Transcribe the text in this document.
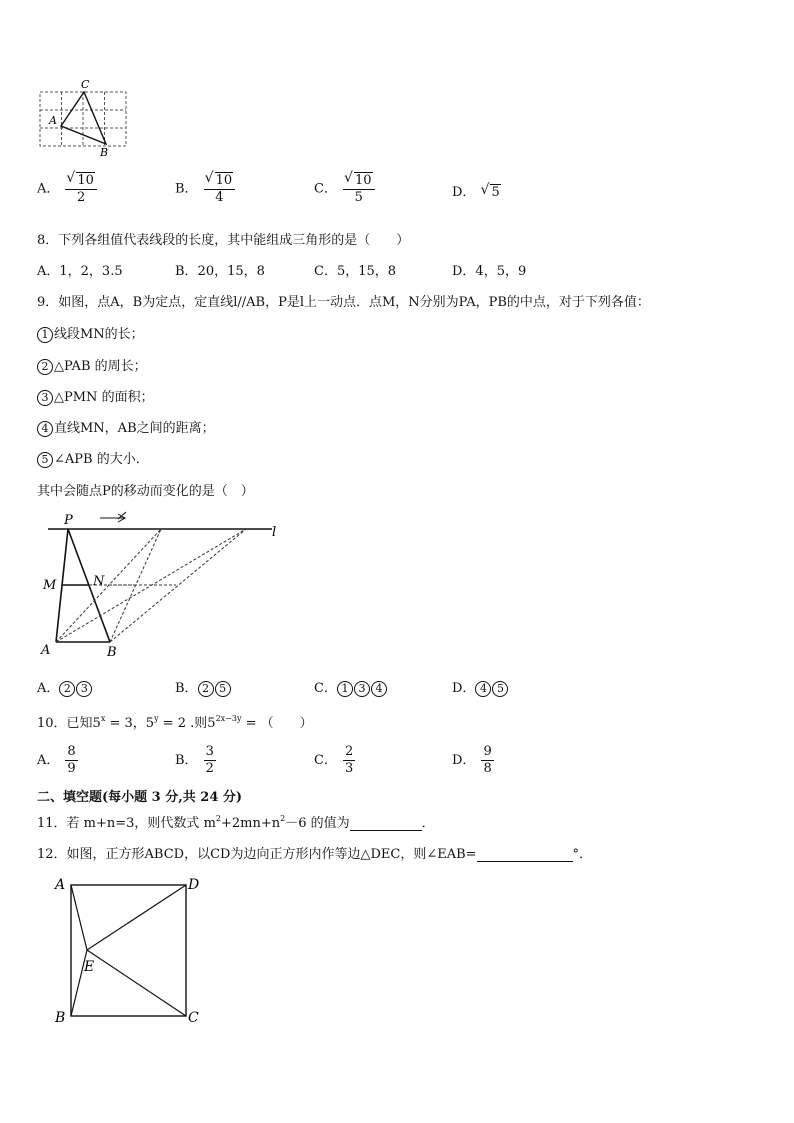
C
A
B
A． √ $\frac{10}{2}$	B． √ $\frac{10}{4}$	C． √ $\frac{10}{5}$	D． √ 5
8．下列各组值代表线段的长度，其中能组成三角形的是（　　）
A．1，2，3.5	B．20，15，8	C．5，15，8	D．4，5，9
9．如图，点A，B为定点，定直线l//AB，P是l上一动点．点M，N分别为PA，PB的中点，对于下列各值：
1 线段MN的长；
2 △PAB 的周长；
3 △PMN 的面积；
4 直线MN，AB之间的距离；
5 ∠APB 的大小．
其中会随点P的移动而变化的是（　）
P
l
M	N
A	B
A． 2 3	B． 2 5	C． 1 3 4	D． 4 5
10．已知$5^x = 3$，$5^y = 2$ .则$5^{2x-3y}$ = （　　）
A． $\frac{8}{9}$	B． $\frac{3}{2}$	C． $\frac{2}{3}$	D． $\frac{9}{8}$
二、填空题(每小题 3 分,共 24 分)
11．若 m+n=3，则代数式 $m^2+2mn+n^2-6$ 的值为	．
12．如图，正方形ABCD，以CD为边向正方形内作等边△DEC，则∠EAB=	°．
A	D
E
B	C
